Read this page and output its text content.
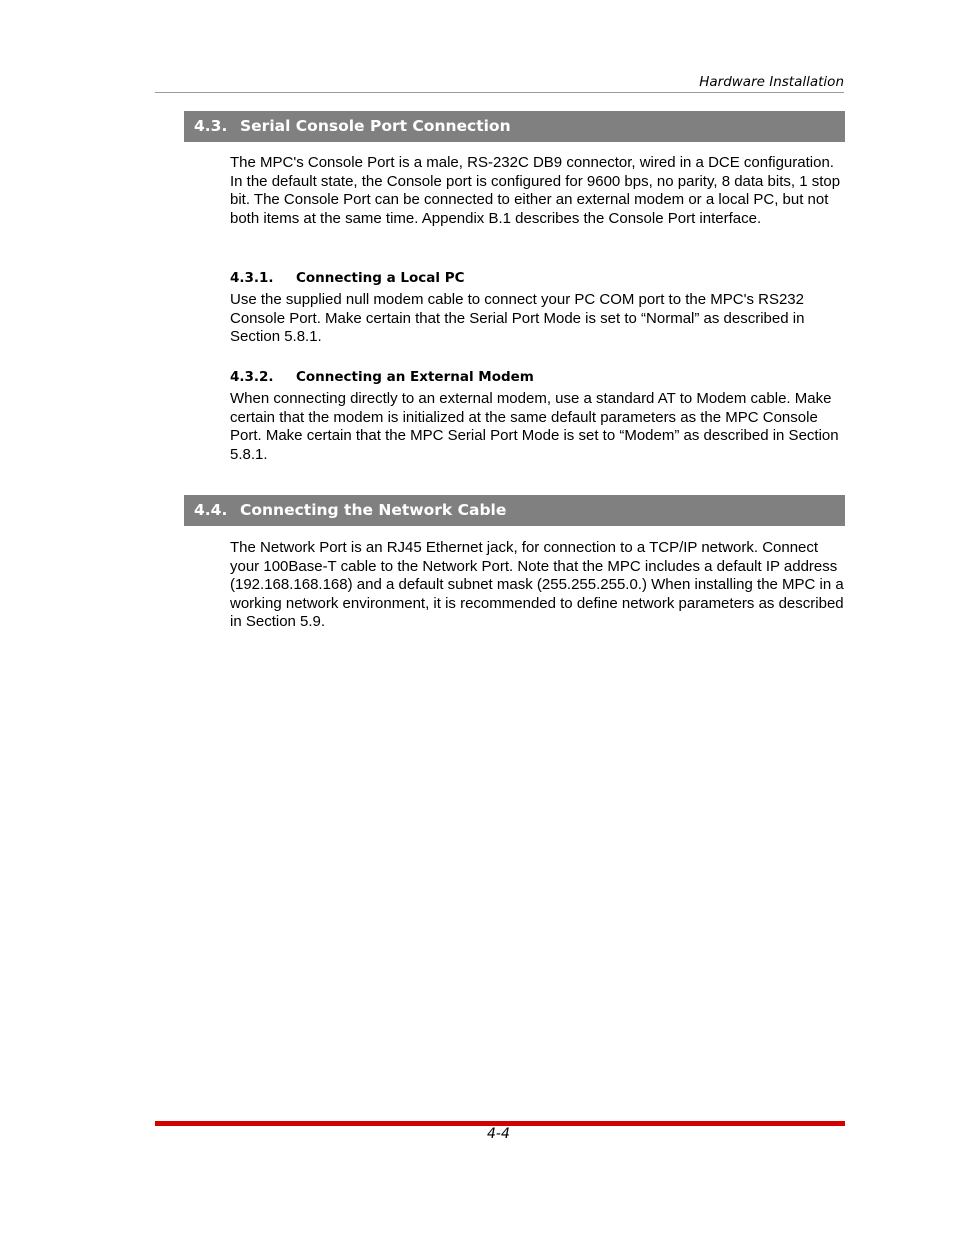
Hardware Installation
4.3. Serial Console Port Connection

The MPC's Console Port is a male, RS-232C DB9 connector, wired in a DCE configuration. In the default state, the Console port is configured for 9600 bps, no parity, 8 data bits, 1 stop bit. The Console Port can be connected to either an external modem or a local PC, but not both items at the same time. Appendix B.1 describes the Console Port interface.

4.3.1. Connecting a Local PC

Use the supplied null modem cable to connect your PC COM port to the MPC's RS232 Console Port. Make certain that the Serial Port Mode is set to “Normal” as described in Section 5.8.1.

4.3.2. Connecting an External Modem

When connecting directly to an external modem, use a standard AT to Modem cable. Make certain that the modem is initialized at the same default parameters as the MPC Console Port. Make certain that the MPC Serial Port Mode is set to “Modem” as described in Section 5.8.1.

4.4. Connecting the Network Cable

The Network Port is an RJ45 Ethernet jack, for connection to a TCP/IP network. Connect your 100Base-T cable to the Network Port. Note that the MPC includes a default IP address (192.168.168.168) and a default subnet mask (255.255.255.0.) When installing the MPC in a working network environment, it is recommended to define network parameters as described in Section 5.9.

4-4
